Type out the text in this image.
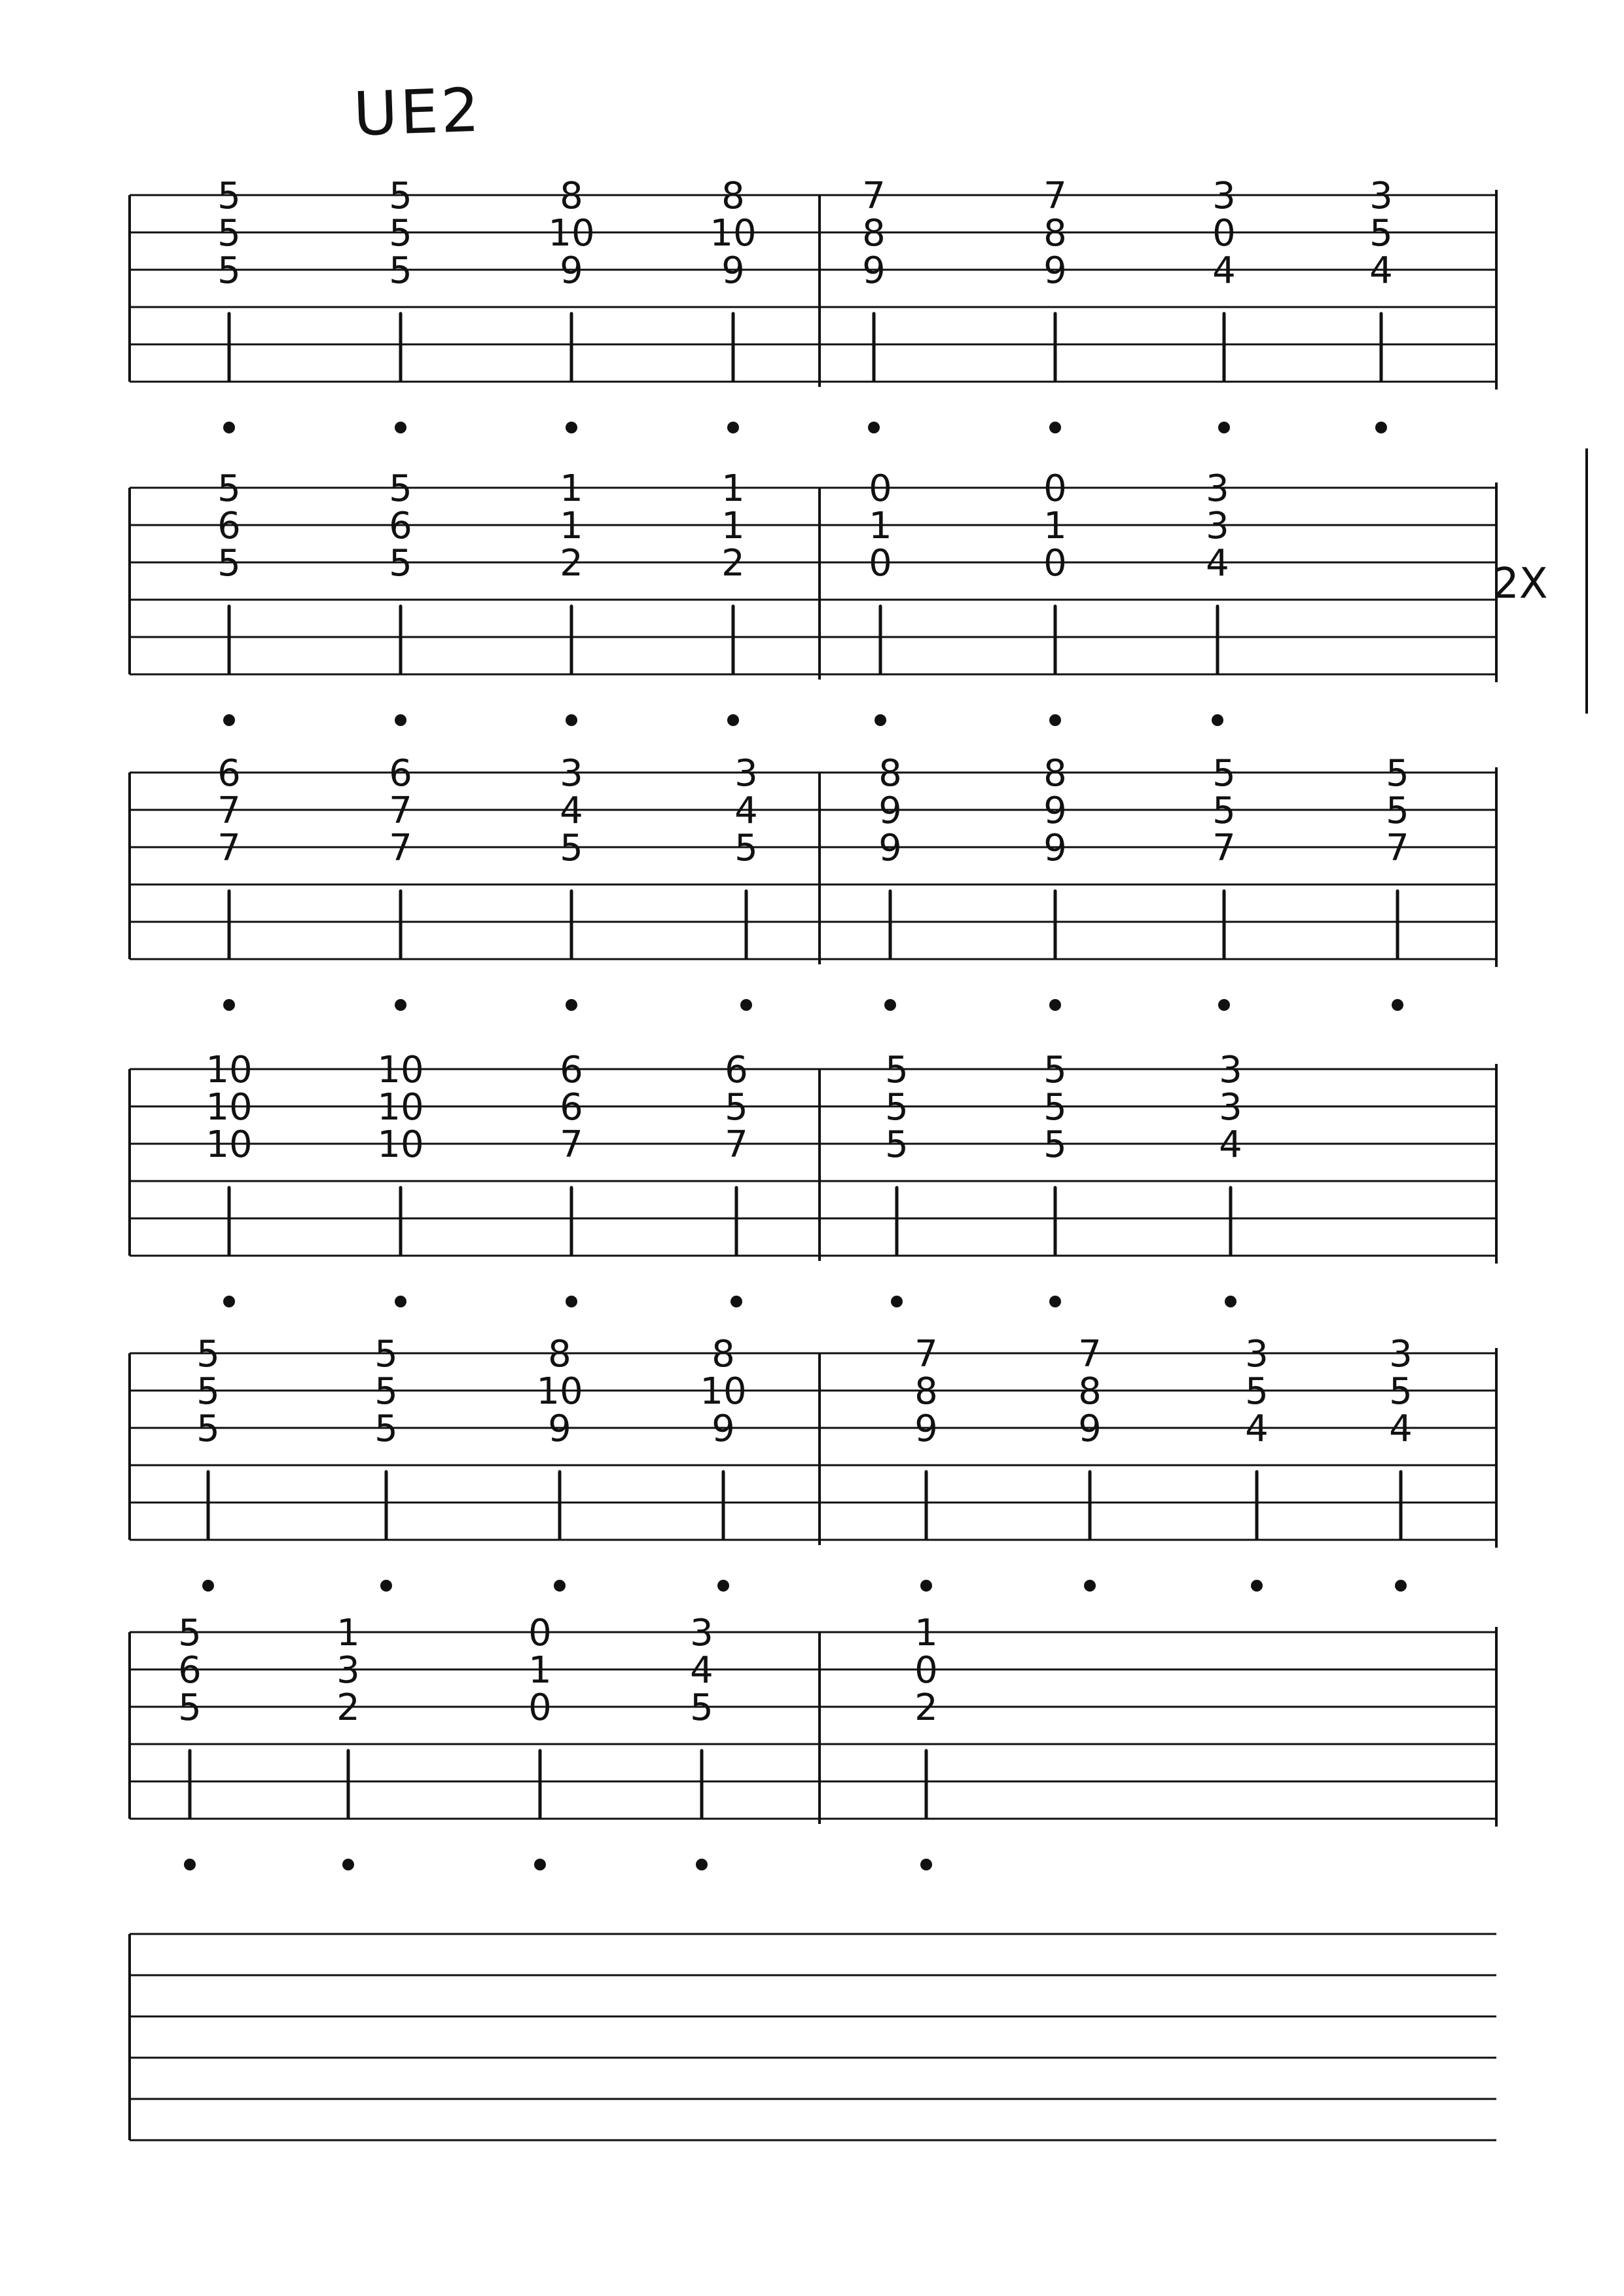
UE2
2X
5
5
5
5
5
5
8
10
9
8
10
9
7
8
9
7
8
9
3
0
4
3
5
4
5
6
5
5
6
5
1
1
2
1
1
2
0
1
0
0
1
0
3
3
4
6
7
7
6
7
7
3
4
5
3
4
5
8
9
9
8
9
9
5
5
7
5
5
7
10
10
10
10
10
10
6
6
7
6
5
7
5
5
5
5
5
5
3
3
4
5
5
5
5
5
5
8
10
9
8
10
9
7
8
9
7
8
9
3
5
4
3
5
4
5
6
5
1
3
2
0
1
0
3
4
5
1
0
2
